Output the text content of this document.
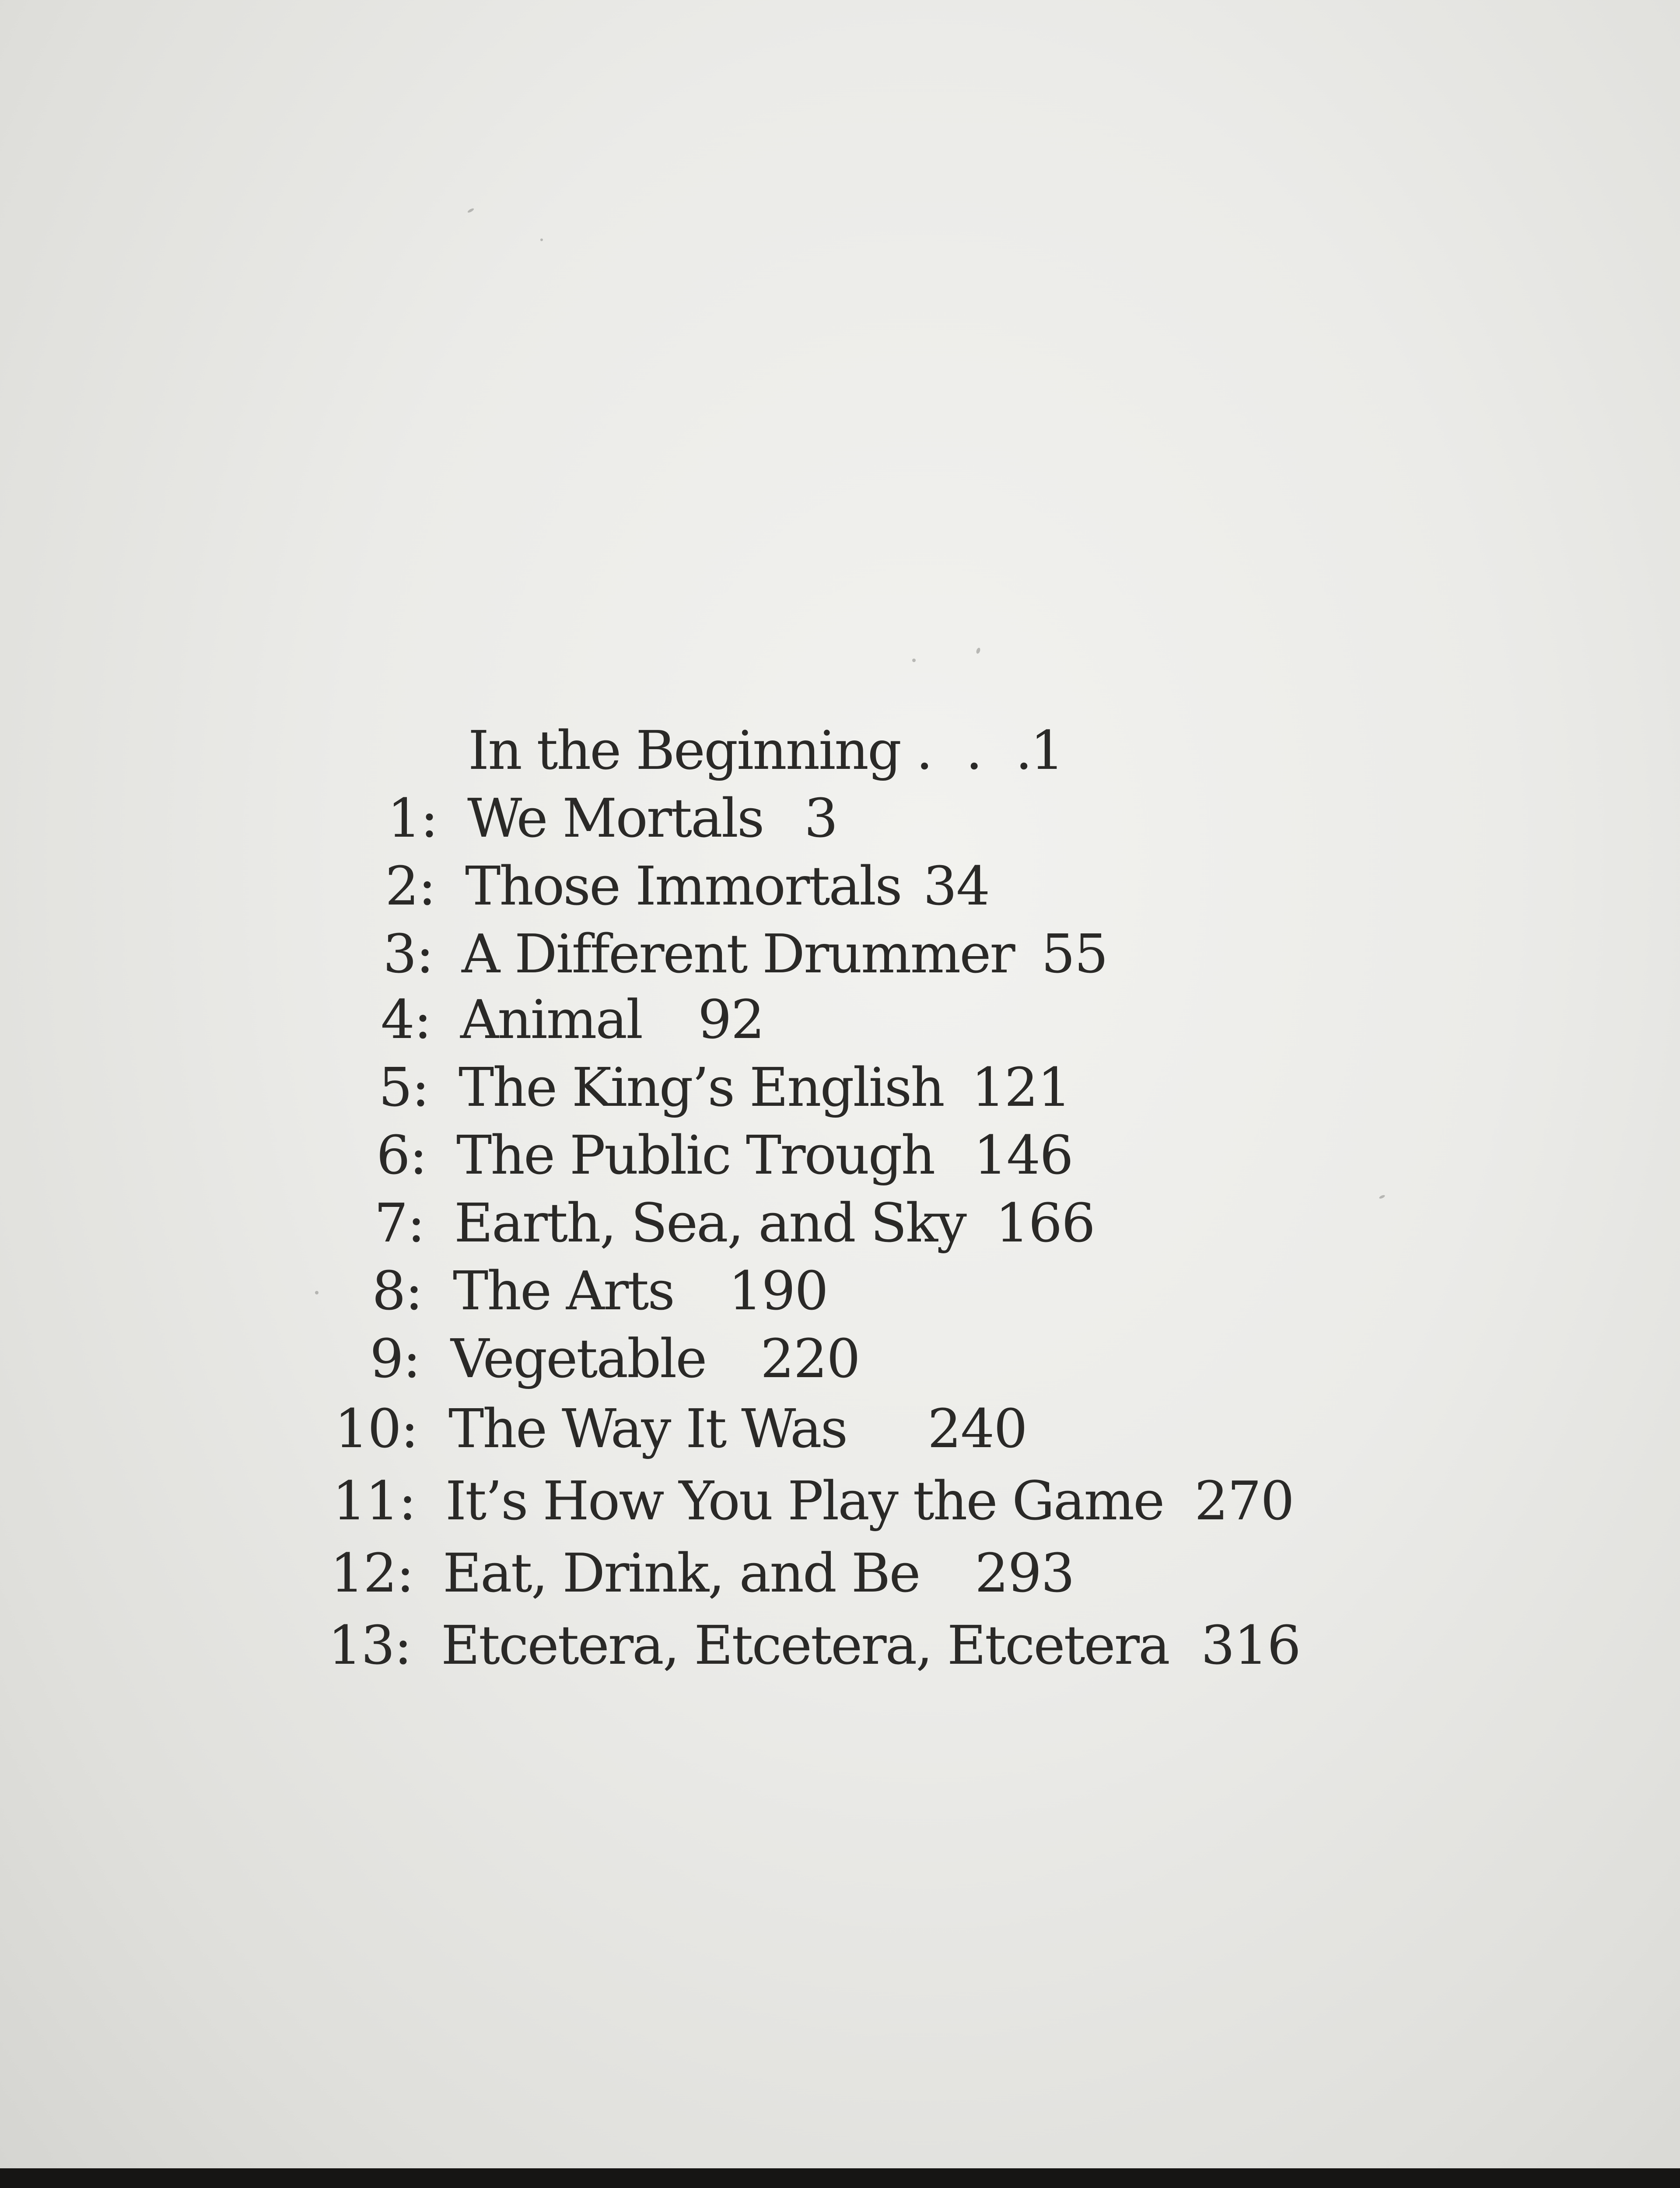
In the Beginning . . .
1
1: We Mortals 3
2: Those Immortals 34
3: A Different Drummer 55
4: Animal 92
5: The King’s English 121
6: The Public Trough 146
7: Earth, Sea, and Sky 166
8: The Arts 190
9: Vegetable 220
10: The Way It Was 240
11: It’s How You Play the Game 270
12: Eat, Drink, and Be 293
13: Etcetera, Etcetera, Etcetera 316
